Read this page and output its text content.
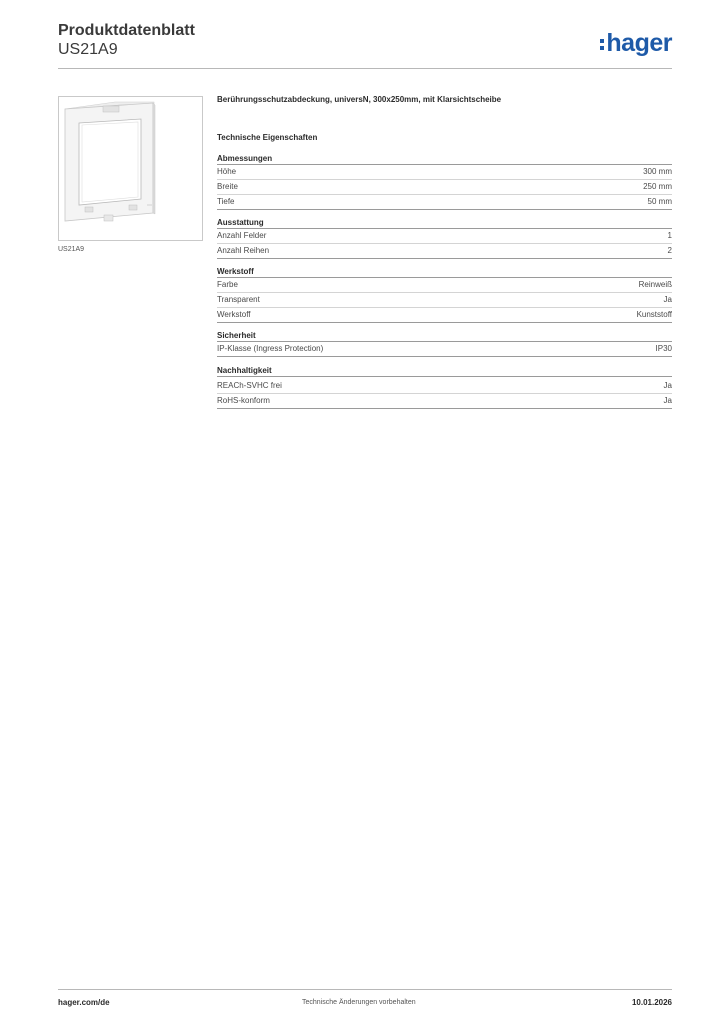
Produktdatenblatt
US21A9	hager
US21A9
Berührungsschutzabdeckung, universN, 300x250mm, mit Klarsichtscheibe
Technische Eigenschaften
Abmessungen
Höhe	300 mm
Breite	250 mm
Tiefe	50 mm
Ausstattung
Anzahl Felder	1
Anzahl Reihen	2
Werkstoff
Farbe	Reinweiß
Transparent	Ja
Werkstoff	Kunststoff
Sicherheit
IP-Klasse (Ingress Protection)	IP30
Nachhaltigkeit
REACh-SVHC frei	Ja
RoHS-konform	Ja
hager.com/de	Technische Änderungen vorbehalten	10.01.2026
